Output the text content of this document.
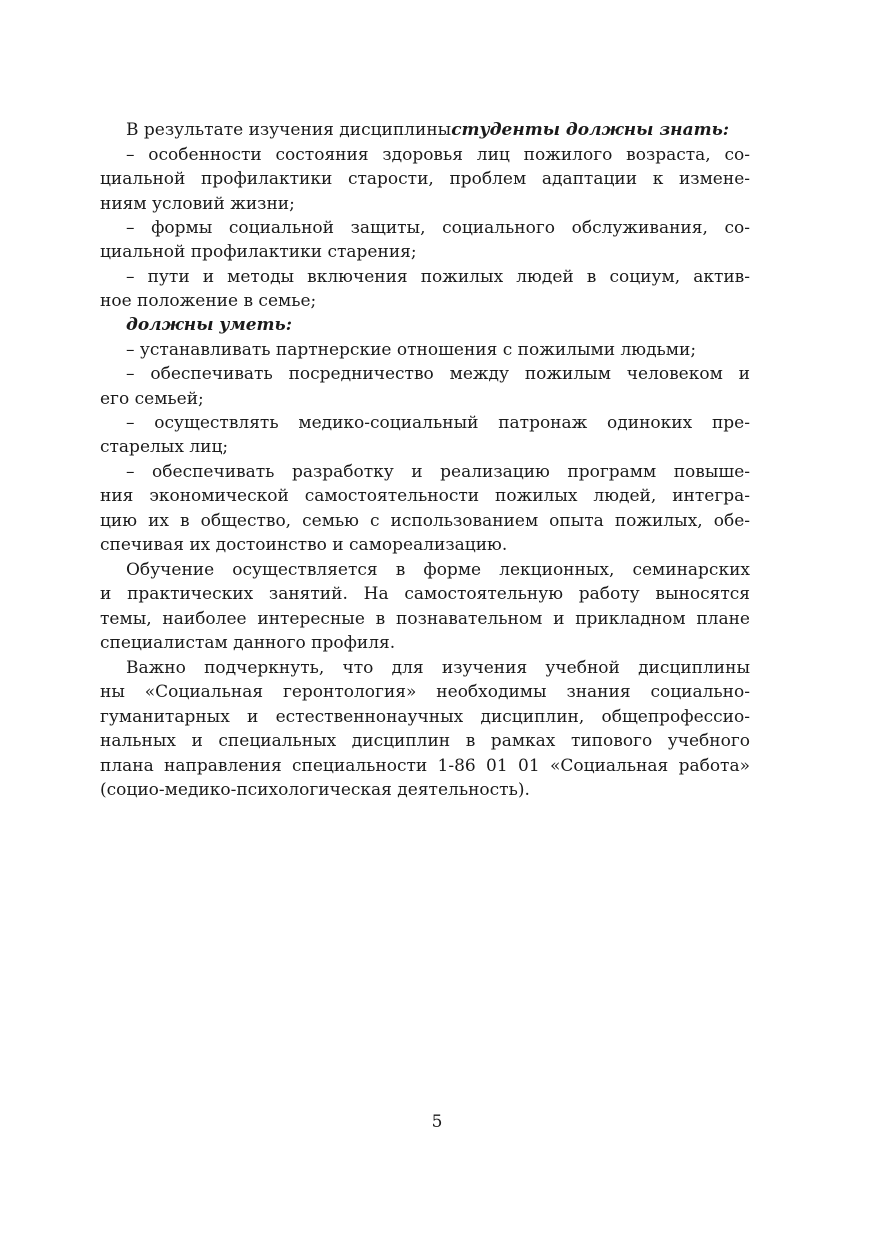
В результате изучения дисциплины студенты должны знать:
– особенности состояния здоровья лиц пожилого возраста, со-
циальной профилактики старости, проблем адаптации к измене-
ниям условий жизни;
– формы социальной защиты, социального обслуживания, со-
циальной профилактики старения;
– пути и методы включения пожилых людей в социум, актив-
ное положение в семье;
должны уметь:
– устанавливать партнерские отношения с пожилыми людьми;
– обеспечивать посредничество между пожилым человеком и
его семьей;
– осуществлять медико-социальный патронаж одиноких пре-
старелых лиц;
– обеспечивать разработку и реализацию программ повыше-
ния экономической самостоятельности пожилых людей, интегра-
цию их в общество, семью с использованием опыта пожилых, обе-
спечивая их достоинство и самореализацию.
Обучение осуществляется в форме лекционных, семинарских
и практических занятий. На самостоятельную работу выносятся
темы, наиболее интересные в познавательном и прикладном плане
специалистам данного профиля.
Важно подчеркнуть, что для изучения учебной дисциплины
ны «Социальная геронтология» необходимы знания социально-
гуманитарных и естественнонаучных дисциплин, общепрофессио-
нальных и специальных дисциплин в рамках типового учебного
плана направления специальности 1-86 01 01 «Социальная работа»
(социо-медико-психологическая деятельность).
5
